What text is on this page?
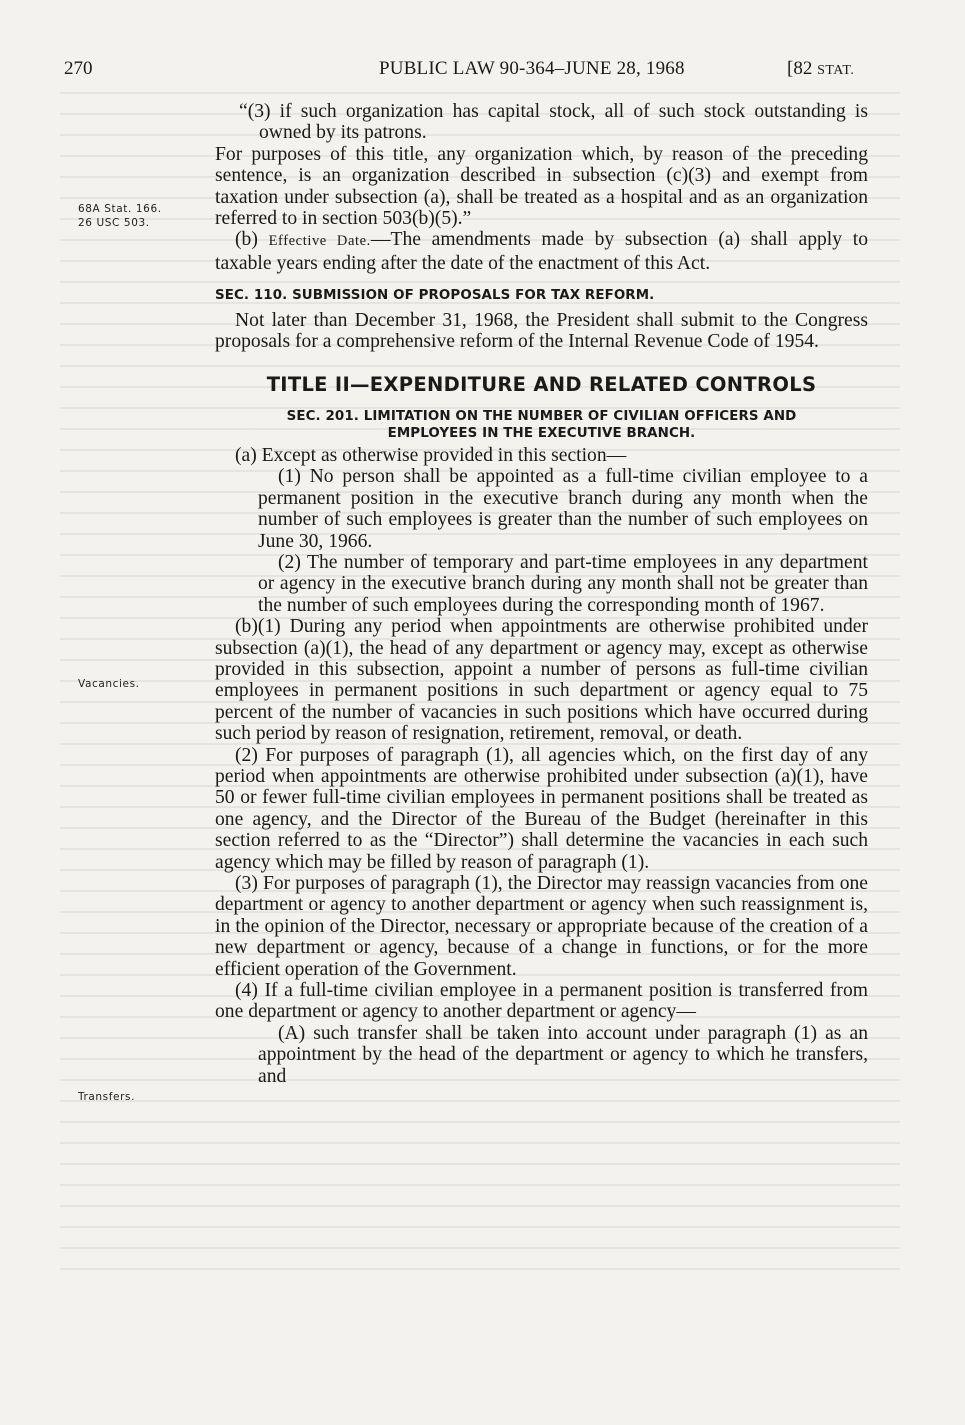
270	PUBLIC LAW 90-364–JUNE 28, 1968	[82 STAT.
68A Stat. 166.
26 USC 503.
Vacancies.
Transfers.

“(3) if such organization has capital stock, all of such stock outstanding is owned by its patrons.

For purposes of this title, any organization which, by reason of the preceding sentence, is an organization described in subsection (c)(3) and exempt from taxation under subsection (a), shall be treated as a hospital and as an organization referred to in section 503(b)(5).”

(b) Effective Date.—The amendments made by subsection (a) shall apply to taxable years ending after the date of the enactment of this Act.

SEC. 110. SUBMISSION OF PROPOSALS FOR TAX REFORM.

Not later than December 31, 1968, the President shall submit to the Congress proposals for a comprehensive reform of the Internal Revenue Code of 1954.

TITLE II—EXPENDITURE AND RELATED CONTROLS

SEC. 201. LIMITATION ON THE NUMBER OF CIVILIAN OFFICERS AND
EMPLOYEES IN THE EXECUTIVE BRANCH.

(a) Except as otherwise provided in this section—

(1) No person shall be appointed as a full-time civilian employee to a permanent position in the executive branch during any month when the number of such employees is greater than the number of such employees on June 30, 1966.

(2) The number of temporary and part-time employees in any department or agency in the executive branch during any month shall not be greater than the number of such employees during the corresponding month of 1967.

(b)(1) During any period when appointments are otherwise prohibited under subsection (a)(1), the head of any department or agency may, except as otherwise provided in this subsection, appoint a number of persons as full-time civilian employees in permanent positions in such department or agency equal to 75 percent of the number of vacancies in such positions which have occurred during such period by reason of resignation, retirement, removal, or death.

(2) For purposes of paragraph (1), all agencies which, on the first day of any period when appointments are otherwise prohibited under subsection (a)(1), have 50 or fewer full-time civilian employees in permanent positions shall be treated as one agency, and the Director of the Bureau of the Budget (hereinafter in this section referred to as the “Director”) shall determine the vacancies in each such agency which may be filled by reason of paragraph (1).

(3) For purposes of paragraph (1), the Director may reassign vacancies from one department or agency to another department or agency when such reassignment is, in the opinion of the Director, necessary or appropriate because of the creation of a new department or agency, because of a change in functions, or for the more efficient operation of the Government.

(4) If a full-time civilian employee in a permanent position is transferred from one department or agency to another department or agency—

(A) such transfer shall be taken into account under paragraph (1) as an appointment by the head of the department or agency to which he transfers, and
